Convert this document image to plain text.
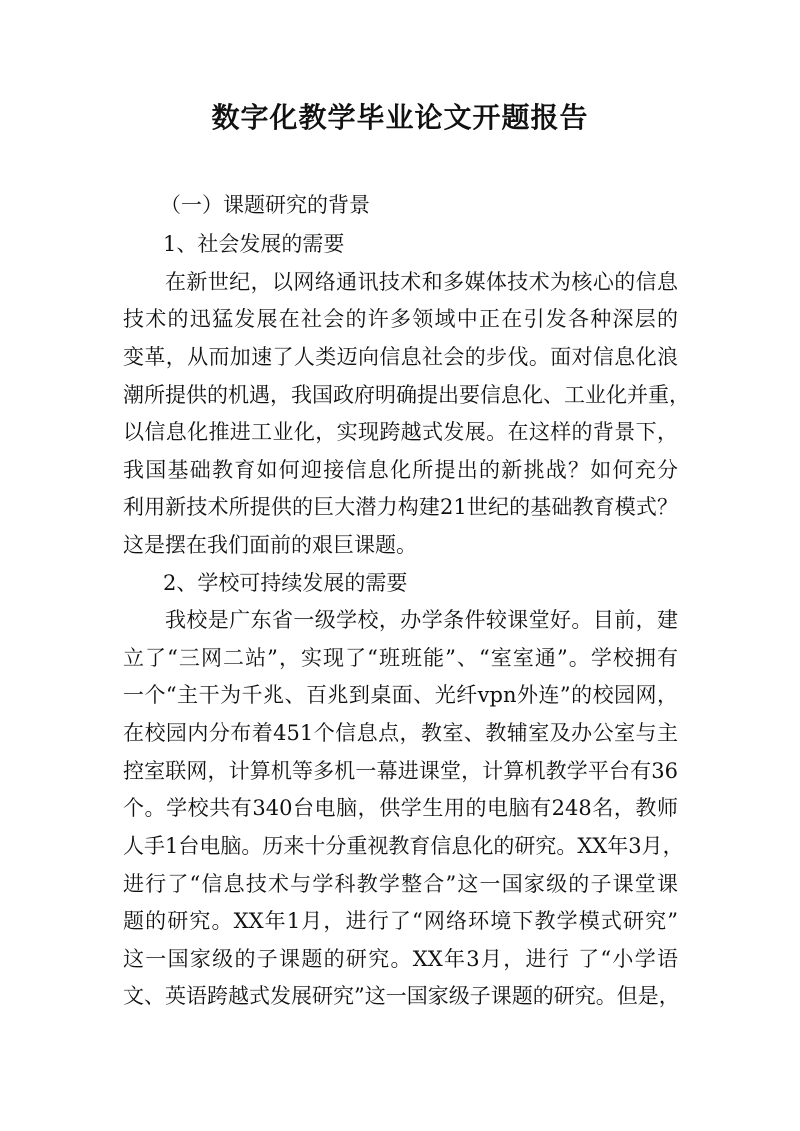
数字化教学毕业论文开题报告
（一）课题研究的背景
1、社会发展的需要
在新世纪，以网络通讯技术和多媒体技术为核心的信息
技术的迅猛发展在社会的许多领域中正在引发各种深层的
变革，从而加速了人类迈向信息社会的步伐。面对信息化浪
潮所提供的机遇，我国政府明确提出要信息化、工业化并重，
以信息化推进工业化，实现跨越式发展。在这样的背景下，
我国基础教育如何迎接信息化所提出的新挑战？如何充分
利用新技术所提供的巨大潜力构建21世纪的基础教育模式？
这是摆在我们面前的艰巨课题。
2、学校可持续发展的需要
我校是广东省一级学校，办学条件较课堂好。目前，建
立了“三网二站”，实现了“班班能”、“室室通”。学校拥有
一个“主干为千兆、百兆到桌面、光纤vpn外连”的校园网，
在校园内分布着451个信息点，教室、教辅室及办公室与主
控室联网，计算机等多机一幕进课堂，计算机教学平台有36
个。学校共有340台电脑，供学生用的电脑有248名，教师
人手1台电脑。历来十分重视教育信息化的研究。XX年3月，
进行了“信息技术与学科教学整合”这一国家级的子课堂课
题的研究。XX年1月，进行了“网络环境下教学模式研究”
这一国家级的子课题的研究。XX年3月，进行 了“小学语
文、英语跨越式发展研究”这一国家级子课题的研究。但是，
